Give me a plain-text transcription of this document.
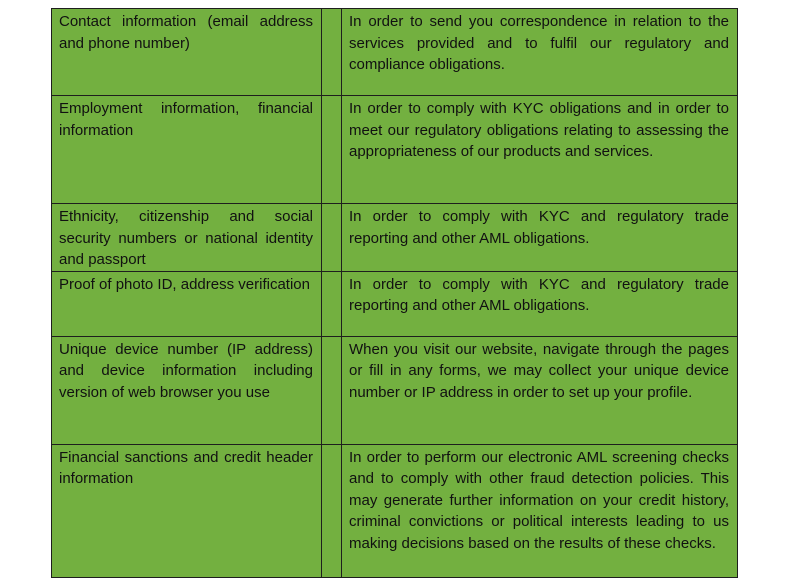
Contact information (email address and phone number)		In order to send you correspondence in relation to the services provided and to fulfil our regulatory and compliance obligations.
Employment information, financial information		In order to comply with KYC obligations and in order to meet our regulatory obligations relating to assessing the appropriateness of our products and services.
Ethnicity, citizenship and social security numbers or national identity and passport		In order to comply with KYC and regulatory trade reporting and other AML obligations.
Proof of photo ID, address verification		In order to comply with KYC and regulatory trade reporting and other AML obligations.
Unique device number (IP address) and device information including version of web browser you use		When you visit our website, navigate through the pages or fill in any forms, we may collect your unique device number or IP address in order to set up your profile.
Financial sanctions and credit header information		In order to perform our electronic AML screening checks and to comply with other fraud detection policies. This may generate further information on your credit history, criminal convictions or political interests leading to us making decisions based on the results of these checks.
